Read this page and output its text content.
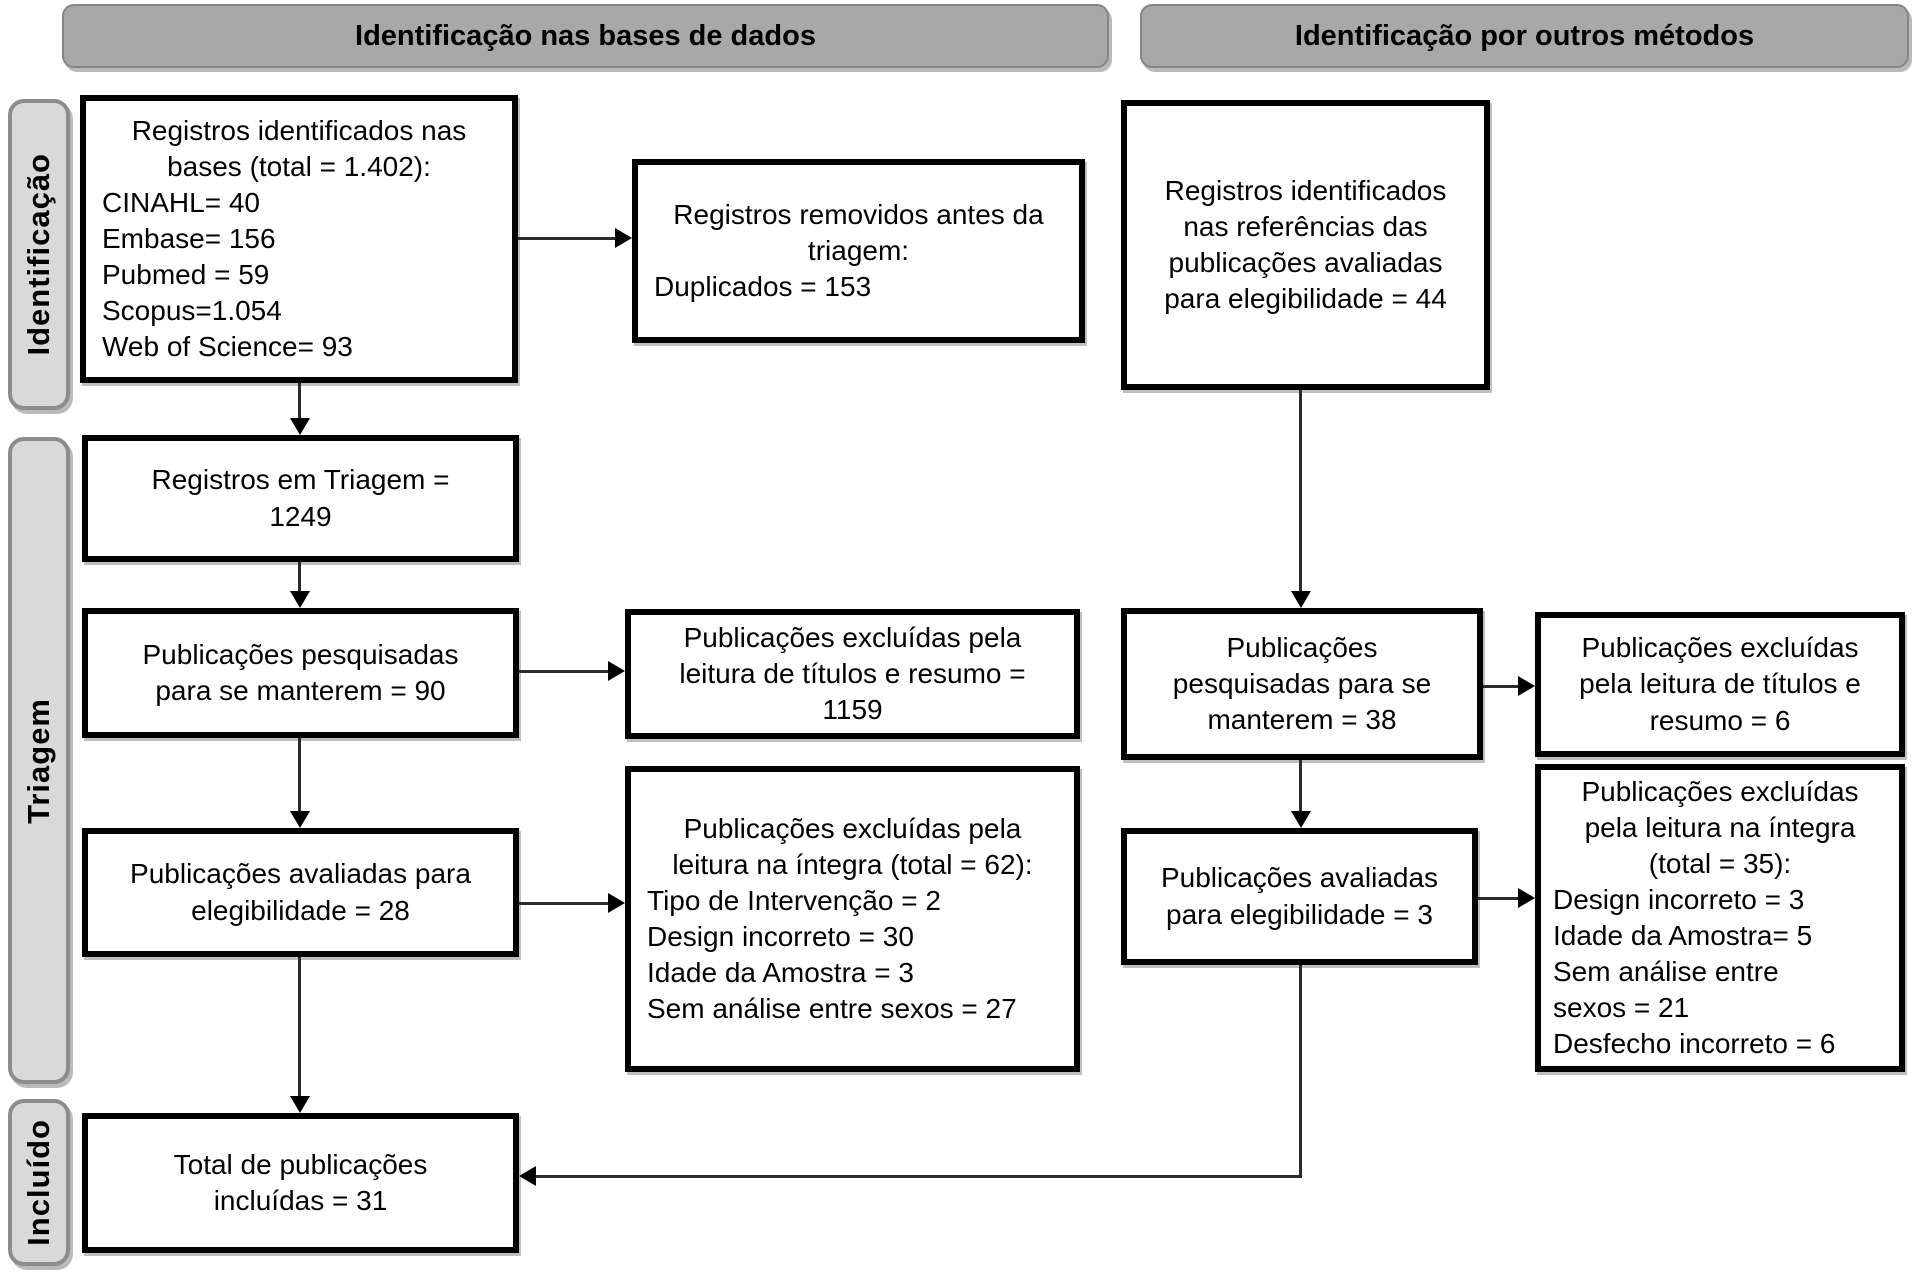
Identificação nas bases de dados	Identificação por outros métodos
Identificação
Triagem
Incluído
Registros identificados nas
bases (total = 1.402):
CINAHL= 40
Embase= 156
Pubmed = 59
Scopus=1.054
Web of Science= 93
Registros em Triagem =
1249
Publicações pesquisadas
para se manterem = 90
Publicações avaliadas para
elegibilidade = 28
Total de publicações
incluídas = 31
Registros removidos antes da
triagem:
Duplicados = 153
Publicações excluídas pela
leitura de títulos e resumo =
1159
Publicações excluídas pela
leitura na íntegra (total = 62):
Tipo de Intervenção = 2
Design incorreto = 30
Idade da Amostra = 3
Sem análise entre sexos = 27
Registros identificados
nas referências das
publicações avaliadas
para elegibilidade = 44
Publicações
pesquisadas para se
manterem = 38
Publicações avaliadas
para elegibilidade = 3
Publicações excluídas
pela leitura de títulos e
resumo = 6
Publicações excluídas
pela leitura na íntegra
(total = 35):
Design incorreto = 3
Idade da Amostra= 5
Sem análise entre
sexos = 21
Desfecho incorreto = 6
